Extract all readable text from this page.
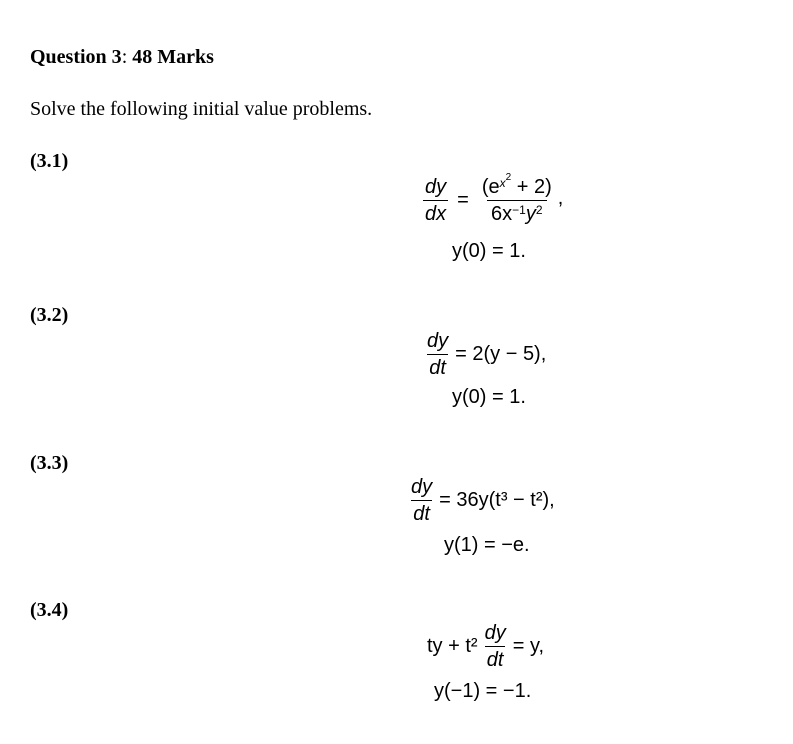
Question 3: 48 Marks
Solve the following initial value problems.
(3.1)
$\frac{dy}{dx} = \frac{(e^{x^2} + 2)}{6x^{-1}y^2}$ ,
y(0) = 1.
(3.2)
$\frac{dy}{dt} = 2(y - 5)$,
y(0) = 1.
(3.3)
$\frac{dy}{dt} = 36y(t^3 - t^2)$,
y(1) = −e.
(3.4)
ty + $t^2 \frac{dy}{dt} = y$,
y(−1) = −1.
